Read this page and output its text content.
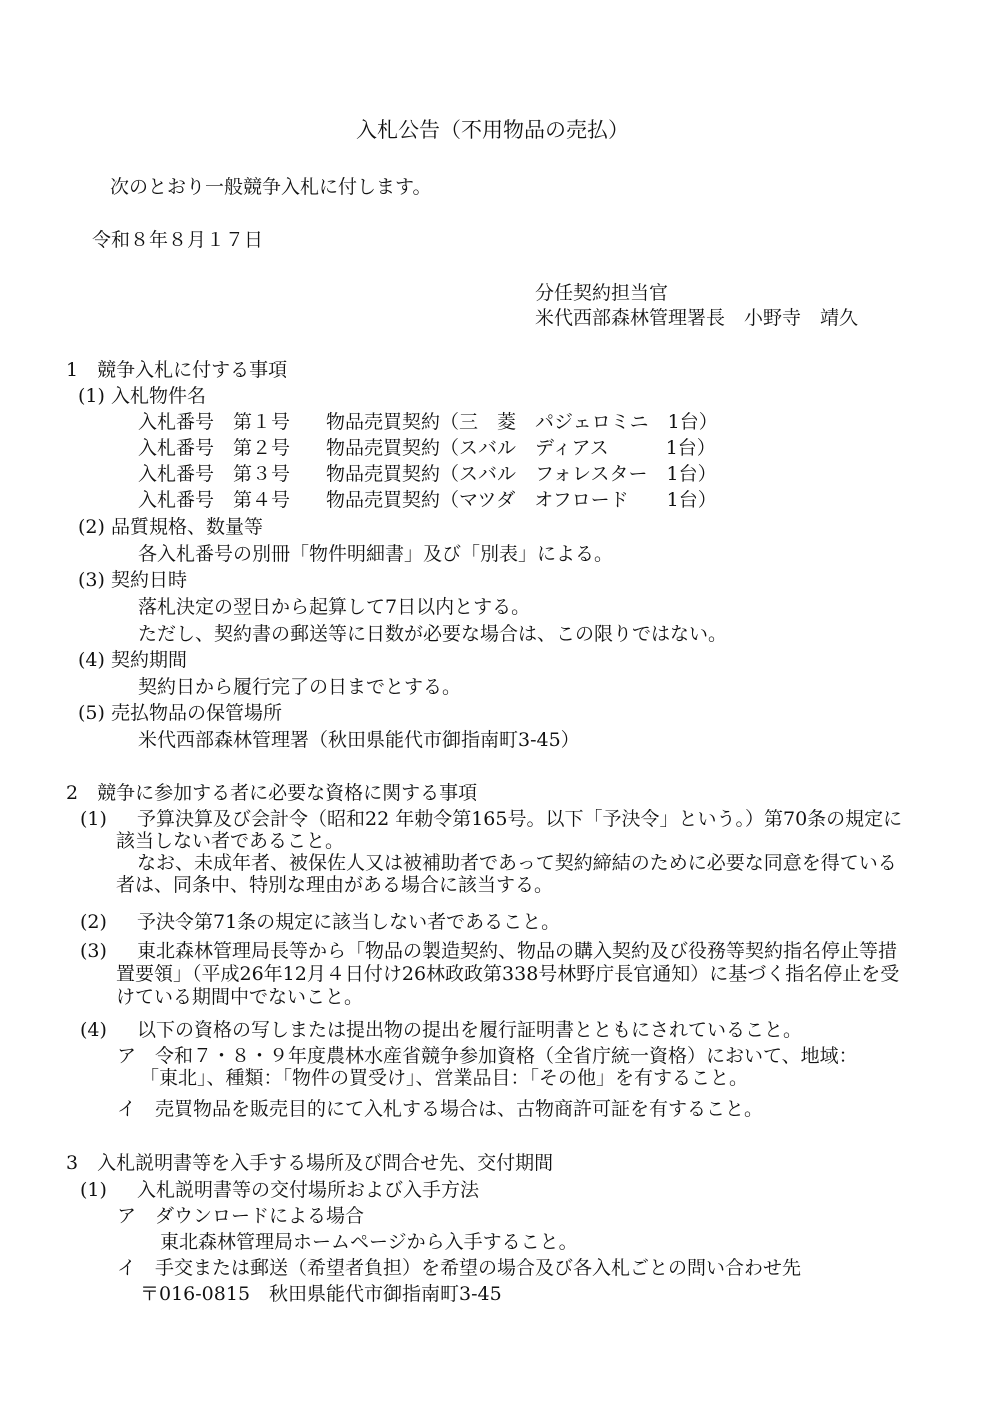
入札公告（不用物品の売払）
次のとおり一般競争入札に付します。
令和８年８月１７日
分任契約担当官
米代西部森林管理署長　小野寺　靖久
1　競争入札に付する事項
(1) 入札物件名
入札番号　第１号 物品売買契約（三　菱　パジェロミニ　1台）
入札番号　第２号 物品売買契約（スバル　ディアス　　　1台）
入札番号　第３号 物品売買契約（スバル　フォレスター　1台）
入札番号　第４号 物品売買契約（マツダ　オフロード　　1台）
(2) 品質規格、数量等
各入札番号の別冊「物件明細書」及び「別表」による。
(3) 契約日時
落札決定の翌日から起算して7日以内とする。
ただし、契約書の郵送等に日数が必要な場合は、この限りではない。
(4) 契約期間
契約日から履行完了の日までとする。
(5) 売払物品の保管場所
米代西部森林管理署（秋田県能代市御指南町3-45）
2　競争に参加する者に必要な資格に関する事項
(1) 予算決算及び会計令（昭和22 年勅令第165号。以下「予決令」という。）第70条の規定に
該当しない者であること。
なお、未成年者、被保佐人又は被補助者であって契約締結のために必要な同意を得ている
者は、同条中、特別な理由がある場合に該当する。
(2) 予決令第71条の規定に該当しない者であること。
(3) 東北森林管理局長等から「物品の製造契約、物品の購入契約及び役務等契約指名停止等措
置要領」（平成26年12月４日付け26林政政第338号林野庁長官通知）に基づく指名停止を受
けている期間中でないこと。
(4) 以下の資格の写しまたは提出物の提出を履行証明書とともにされていること。
ア　令和７・８・９年度農林水産省競争参加資格（全省庁統一資格）において、地域：
「東北」、種類：「物件の買受け」、営業品目：「その他」を有すること。
イ　売買物品を販売目的にて入札する場合は、古物商許可証を有すること。
3　入札説明書等を入手する場所及び問合せ先、交付期間
(1) 入札説明書等の交付場所および入手方法
ア　ダウンロードによる場合
東北森林管理局ホームページから入手すること。
イ　手交または郵送（希望者負担）を希望の場合及び各入札ごとの問い合わせ先
〒016-0815　秋田県能代市御指南町3-45
